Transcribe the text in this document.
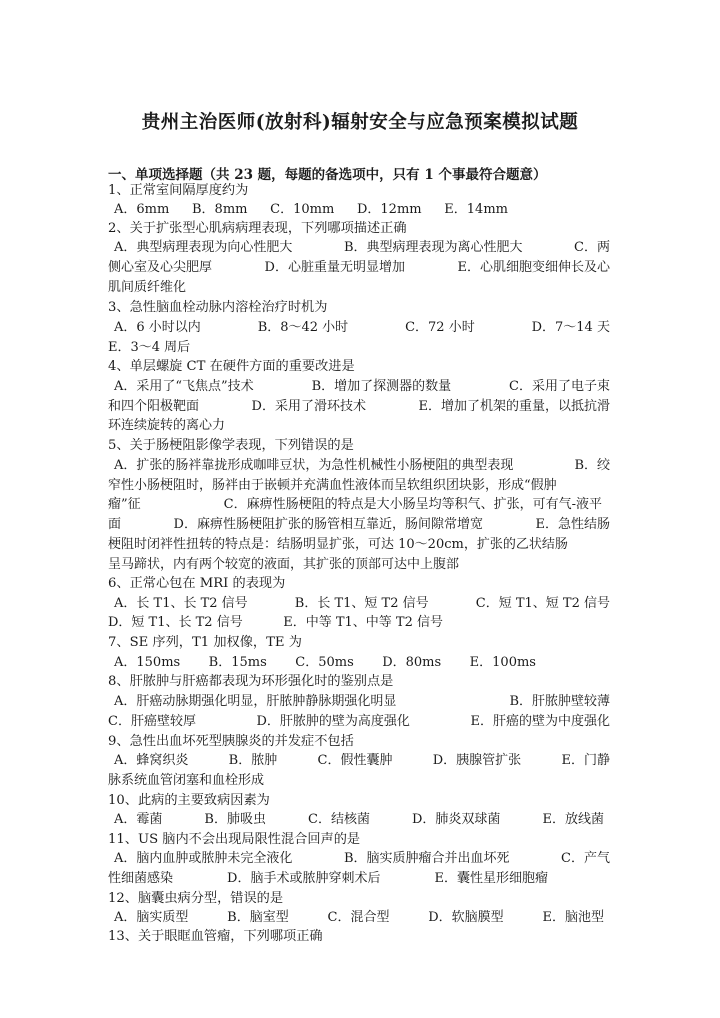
贵州主治医师(放射科)辐射安全与应急预案模拟试题
一、单项选择题（共 23 题，每题的备选项中，只有 1 个事最符合题意）
1、正常室间隔厚度约为
A．6mm B．8mm C．10mm D．12mm E．14mm
2、关于扩张型心肌病病理表现，下列哪项描述正确
A．典型病理表现为向心性肥大	B．典型病理表现为离心性肥大	C．两
侧心室及心尖肥厚	D．心脏重量无明显增加	E．心肌细胞变细伸长及心
肌间质纤维化
3、急性脑血栓动脉内溶栓治疗时机为
A．6 小时以内	B．8～42 小时	C．72 小时	D．7～14 天
E．3～4 周后
4、单层螺旋 CT 在硬件方面的重要改进是
A．采用了“飞焦点”技术	B．增加了探测器的数量	C．采用了电子束
和四个阳极靶面	D．采用了滑环技术	E．增加了机架的重量，以抵抗滑
环连续旋转的离心力
5、关于肠梗阻影像学表现，下列错误的是
A．扩张的肠袢靠拢形成咖啡豆状，为急性机械性小肠梗阻的典型表现	B．绞
窄性小肠梗阻时，肠袢由于嵌顿并充满血性液体而呈软组织团块影，形成“假肿
瘤”征	C．麻痹性肠梗阻的特点是大小肠呈均等积气、扩张，可有气-液平
面	D．麻痹性肠梗阻扩张的肠管相互靠近，肠间隙常增宽	E．急性结肠
梗阻时闭袢性扭转的特点是：结肠明显扩张，可达 10～20cm，扩张的乙状结肠
呈马蹄状，内有两个较宽的液面，其扩张的顶部可达中上腹部
6、正常心包在 MRI 的表现为
A．长 T1、长 T2 信号	B．长 T1、短 T2 信号	C．短 T1、短 T2 信号
D．短 T1、长 T2 信号	E．中等 T1、中等 T2 信号
7、SE 序列，T1 加权像，TE 为
A．150ms B．15ms C．50ms D．80ms E．100ms
8、肝脓肿与肝癌都表现为环形强化时的鉴别点是
A．肝癌动脉期强化明显，肝脓肿静脉期强化明显	B．肝脓肿壁较薄
C．肝癌壁较厚	D．肝脓肿的壁为高度强化	E．肝癌的壁为中度强化
9、急性出血坏死型胰腺炎的并发症不包括
A．蜂窝织炎	B．脓肿	C．假性囊肿	D．胰腺管扩张	E．门静
脉系统血管闭塞和血栓形成
10、此病的主要致病因素为
A．霉菌	B．肺吸虫	C．结核菌	D．肺炎双球菌	E．放线菌
11、US 脑内不会出现局限性混合回声的是
A．脑内血肿或脓肿未完全液化	B．脑实质肿瘤合并出血坏死	C．产气
性细菌感染	D．脑手术或脓肿穿刺术后	E．囊性星形细胞瘤
12、脑囊虫病分型，错误的是
A．脑实质型	B．脑室型	C．混合型	D．软脑膜型	E．脑池型
13、关于眼眶血管瘤，下列哪项正确
